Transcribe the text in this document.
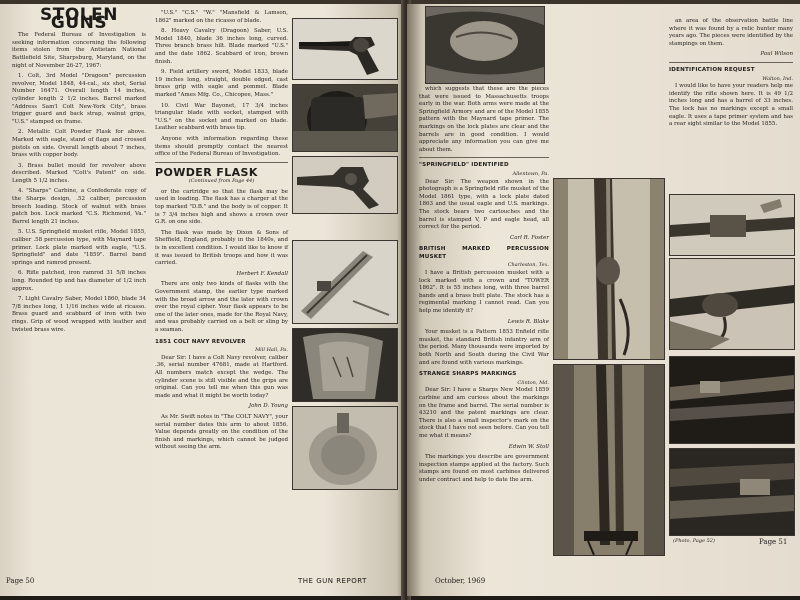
STOLEN GUNS

The Federal Bureau of Investigation is seeking information concerning the following items stolen from the Antietam National Battlefield Site, Sharpsburg, Maryland, on the night of November 26-27, 1967:

1. Colt, 3rd Model "Dragoon" percussion revolver, Model 1848, 44-cal., six shot, Serial Number 16471. Overall length 14 inches, cylinder length 2 1/2 inches. Barrel marked "Address Sam'l Colt New-York City", brass trigger guard and back strap, walnut grips, "U.S." stamped on frame.

2. Metallic Colt Powder Flask for above. Marked with eagle, stand of flags and crossed pistols on side. Overall length about 7 inches, brass with copper body.

3. Brass bullet mould for revolver above described. Marked "Colt's Patent" on side. Length 5 1/2 inches.

4. "Sharps" Carbine, a Confederate copy of the Sharps design, .52 caliber, percussion breech loading. Stock of walnut with brass patch box. Lock marked "C.S. Richmond, Va." Barrel length 21 inches.

5. U.S. Springfield musket rifle, Model 1855, caliber .58 percussion type, with Maynard tape primer. Lock plate marked with eagle, "U.S. Springfield" and date "1859". Barrel band springs and ramrod present.

6. Rifle patched, iron ramrod 31 5/8 inches long. Rounded tip and has diameter of 1/2 inch approx.

7. Light Cavalry Saber, Model 1860, blade 34 7/8 inches long, 1 1/16 inches wide at ricasso. Brass guard and scabbard of iron with two rings. Grip of wood wrapped with leather and twisted brass wire.

"U.S." "C.S." "W." "Mansfield & Lamson, 1862" marked on the ricasso of blade.

8. Heavy Cavalry (Dragoon) Saber, U.S. Model 1840, blade 36 inches long, curved. Three branch brass hilt. Blade marked "U.S." and the date 1862. Scabbard of iron, brown finish.

9. Field artillery sword, Model 1833, blade 19 inches long, straight, double edged, cast brass grip with eagle and pommel. Blade marked "Ames Mfg. Co., Chicopee, Mass."

10. Civil War Bayonet, 17 3/4 inches triangular blade with socket, stamped with "U.S." on the socket and marked on blade. Leather scabbard with brass tip.

Anyone with information regarding these items should promptly contact the nearest office of the Federal Bureau of Investigation.

POWDER FLASK
(Continued from Page 44)

or the cartridge so that the flask may be used in loading. The flask has a charger at the top marked "D.B." and the body is of copper. It is 7 3/4 inches high and shows a crown over G.R. on one side.

The flask was made by Dixon & Sons of Sheffield, England, probably in the 1840s, and is in excellent condition. I would like to know if it was issued to British troops and how it was carried.

Herbert F. Kendall

There are only two kinds of flasks with the Government stamp, the earlier type marked with the broad arrow and the later with crown over the royal cipher. Your flask appears to be one of the later ones, made for the Royal Navy, and was probably carried on a belt or sling by a seaman.

1851 COLT NAVY REVOLVER
Mill Hall, Pa.

Dear Sir: I have a Colt Navy revolver, caliber .36, serial number 47681, made at Hartford. All numbers match except the wedge. The cylinder scene is still visible and the grips are original. Can you tell me when this gun was made and what it might be worth today?

John D. Young

As Mr. Swift notes in "The COLT NAVY", your serial number dates this arm to about 1856. Value depends greatly on the condition of the finish and markings, which cannot be judged without seeing the arm.

Page 50	THE GUN REPORT

which suggests that these are the pieces that were issued to Massachusetts troops early in the war. Both arms were made at the Springfield Armory and are of the Model 1855 pattern with the Maynard tape primer. The markings on the lock plates are clear and the barrels are in good condition. I would appreciate any information you can give me about them.

"SPRINGFIELD" IDENTIFIED
Allentown, Pa.

Dear Sir: The weapon shown in the photograph is a Springfield rifle musket of the Model 1861 type, with a lock plate dated 1863 and the usual eagle and U.S. markings. The stock bears two cartouches and the barrel is stamped V, P and eagle head, all correct for the period.

Carl R. Foster
BRITISH MARKED PERCUSSION MUSKET
Charleston, Tex.

I have a British percussion musket with a lock marked with a crown and "TOWER 1862". It is 55 inches long, with three barrel bands and a brass butt plate. The stock has a regimental marking I cannot read. Can you help me identify it?

Lewis R. Blake

Your musket is a Pattern 1853 Enfield rifle musket, the standard British infantry arm of the period. Many thousands were imported by both North and South during the Civil War and are found with various markings.

STRANGE SHARPS MARKINGS
Clinton, Md.

Dear Sir: I have a Sharps New Model 1859 carbine and am curious about the markings on the frame and barrel. The serial number is 43210 and the patent markings are clear. There is also a small inspector's mark on the stock that I have not seen before. Can you tell me what it means?

Edwin W. Stoll

The markings you describe are government inspection stamps applied at the factory. Such stamps are found on most carbines delivered under contract and help to date the arm.

an area of the observation battle line where it was found by a relic hunter many years ago. The pieces were identified by the stampings on them.

Paul Wilson
IDENTIFICATION REQUEST
Walton, Ind.

I would like to have your readers help me identify the rifle shown here. It is 49 1/2 inches long and has a barrel of 33 inches. The lock has no markings except a small eagle. It uses a tape primer system and has a rear sight similar to the Model 1855.

(Photo, Page 52)
October, 1969
Page 51
